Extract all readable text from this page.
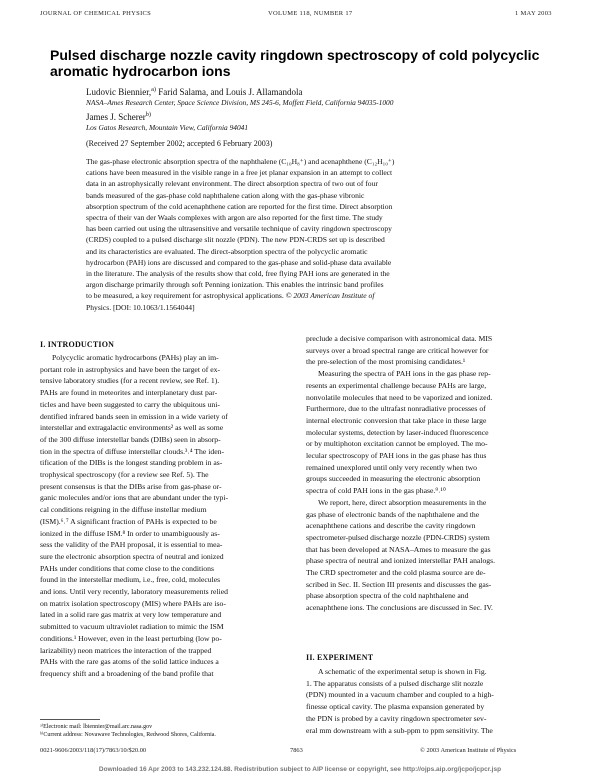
JOURNAL OF CHEMICAL PHYSICS	VOLUME 118, NUMBER 17	1 MAY 2003
Pulsed discharge nozzle cavity ringdown spectroscopy of cold polycyclic
aromatic hydrocarbon ions
Ludovic Biennier,$^{a)}$ Farid Salama, and Louis J. Allamandola
NASA–Ames Research Center, Space Science Division, MS 245-6, Moffett Field, California 94035-1000
James J. Scherer$^{b)}$
Los Gatos Research, Mountain View, California 94041
(Received 27 September 2002; accepted 6 February 2003)
The gas-phase electronic absorption spectra of the naphthalene (C₁₀H₈⁺) and acenaphthene (C₁₂H₁₀⁺)
cations have been measured in the visible range in a free jet planar expansion in an attempt to collect
data in an astrophysically relevant environment. The direct absorption spectra of two out of four
bands measured of the gas-phase cold naphthalene cation along with the gas-phase vibronic
absorption spectrum of the cold acenaphthene cation are reported for the first time. Direct absorption
spectra of their van der Waals complexes with argon are also reported for the first time. The study
has been carried out using the ultrasensitive and versatile technique of cavity ringdown spectroscopy
(CRDS) coupled to a pulsed discharge slit nozzle (PDN). The new PDN-CRDS set up is described
and its characteristics are evaluated. The direct-absorption spectra of the polycyclic aromatic
hydrocarbon (PAH) ions are discussed and compared to the gas-phase and solid-phase data available
in the literature. The analysis of the results show that cold, free flying PAH ions are generated in the
argon discharge primarily through soft Penning ionization. This enables the intrinsic band profiles
to be measured, a key requirement for astrophysical applications. © 2003 American Institute of
Physics. [DOI: 10.1063/1.1564044]
I. INTRODUCTION

Polycyclic aromatic hydrocarbons (PAHs) play an im-
portant role in astrophysics and have been the target of ex-
tensive laboratory studies (for a recent review, see Ref. 1).
PAHs are found in meteorites and interplanetary dust par-
ticles and have been suggested to carry the ubiquitous uni-
dentified infrared bands seen in emission in a wide variety of
interstellar and extragalactic environments² as well as some
of the 300 diffuse interstellar bands (DIBs) seen in absorp-
tion in the spectra of diffuse interstellar clouds.³˒⁴ The iden-
tification of the DIBs is the longest standing problem in as-
trophysical spectroscopy (for a review see Ref. 5). The
present consensus is that the DIBs arise from gas-phase or-
ganic molecules and/or ions that are abundant under the typi-
cal conditions reigning in the diffuse instellar medium
(ISM).⁶˒⁷ A significant fraction of PAHs is expected to be
ionized in the diffuse ISM.⁸ In order to unambiguously as-
sess the validity of the PAH proposal, it is essential to mea-
sure the electronic absorption spectra of neutral and ionized
PAHs under conditions that come close to the conditions
found in the interstellar medium, i.e., free, cold, molecules
and ions. Until very recently, laboratory measurements relied
on matrix isolation spectroscopy (MIS) where PAHs are iso-
lated in a solid rare gas matrix at very low temperature and
submitted to vacuum ultraviolet radiation to mimic the ISM
conditions.¹ However, even in the least perturbing (low po-
larizability) neon matrices the interaction of the trapped
PAHs with the rare gas atoms of the solid lattice induces a
frequency shift and a broadening of the band profile that

preclude a decisive comparison with astronomical data. MIS
surveys over a broad spectral range are critical however for
the pre-selection of the most promising candidates.¹

Measuring the spectra of PAH ions in the gas phase rep-
resents an experimental challenge because PAHs are large,
nonvolatile molecules that need to be vaporized and ionized.
Furthermore, due to the ultrafast nonradiative processes of
internal electronic conversion that take place in these large
molecular systems, detection by laser-induced fluorescence
or by multiphoton excitation cannot be employed. The mo-
lecular spectroscopy of PAH ions in the gas phase has thus
remained unexplored until only very recently when two
groups succeeded in measuring the electronic absorption
spectra of cold PAH ions in the gas phase.⁹˒¹⁰

We report, here, direct absorption measurements in the
gas phase of electronic bands of the naphthalene and the
acenaphthene cations and describe the cavity ringdown
spectrometer-pulsed discharge nozzle (PDN-CRDS) system
that has been developed at NASA–Ames to measure the gas
phase spectra of neutral and ionized interstellar PAH analogs.
The CRD spectrometer and the cold plasma source are de-
scribed in Sec. II. Section III presents and discusses the gas-
phase absorption spectra of the cold naphthalene and
acenaphthene ions. The conclusions are discussed in Sec. IV.

II. EXPERIMENT

A schematic of the experimental setup is shown in Fig.
1. The apparatus consists of a pulsed discharge slit nozzle
(PDN) mounted in a vacuum chamber and coupled to a high-
finesse optical cavity. The plasma expansion generated by
the PDN is probed by a cavity ringdown spectrometer sev-
eral mm downstream with a sub-ppm to ppm sensitivity. The

ᵃ⁾Electronic mail: lbiennier@mail.arc.nasa.gov
ᵇ⁾Current address: Novawave Technologies, Redwood Shores, California.
0021-9606/2003/118(17)/7863/10/$20.00	7863	© 2003 American Institute of Physics
Downloaded 16 Apr 2003 to 143.232.124.88. Redistribution subject to AIP license or copyright, see http://ojps.aip.org/jcpo/jcpcr.jsp
